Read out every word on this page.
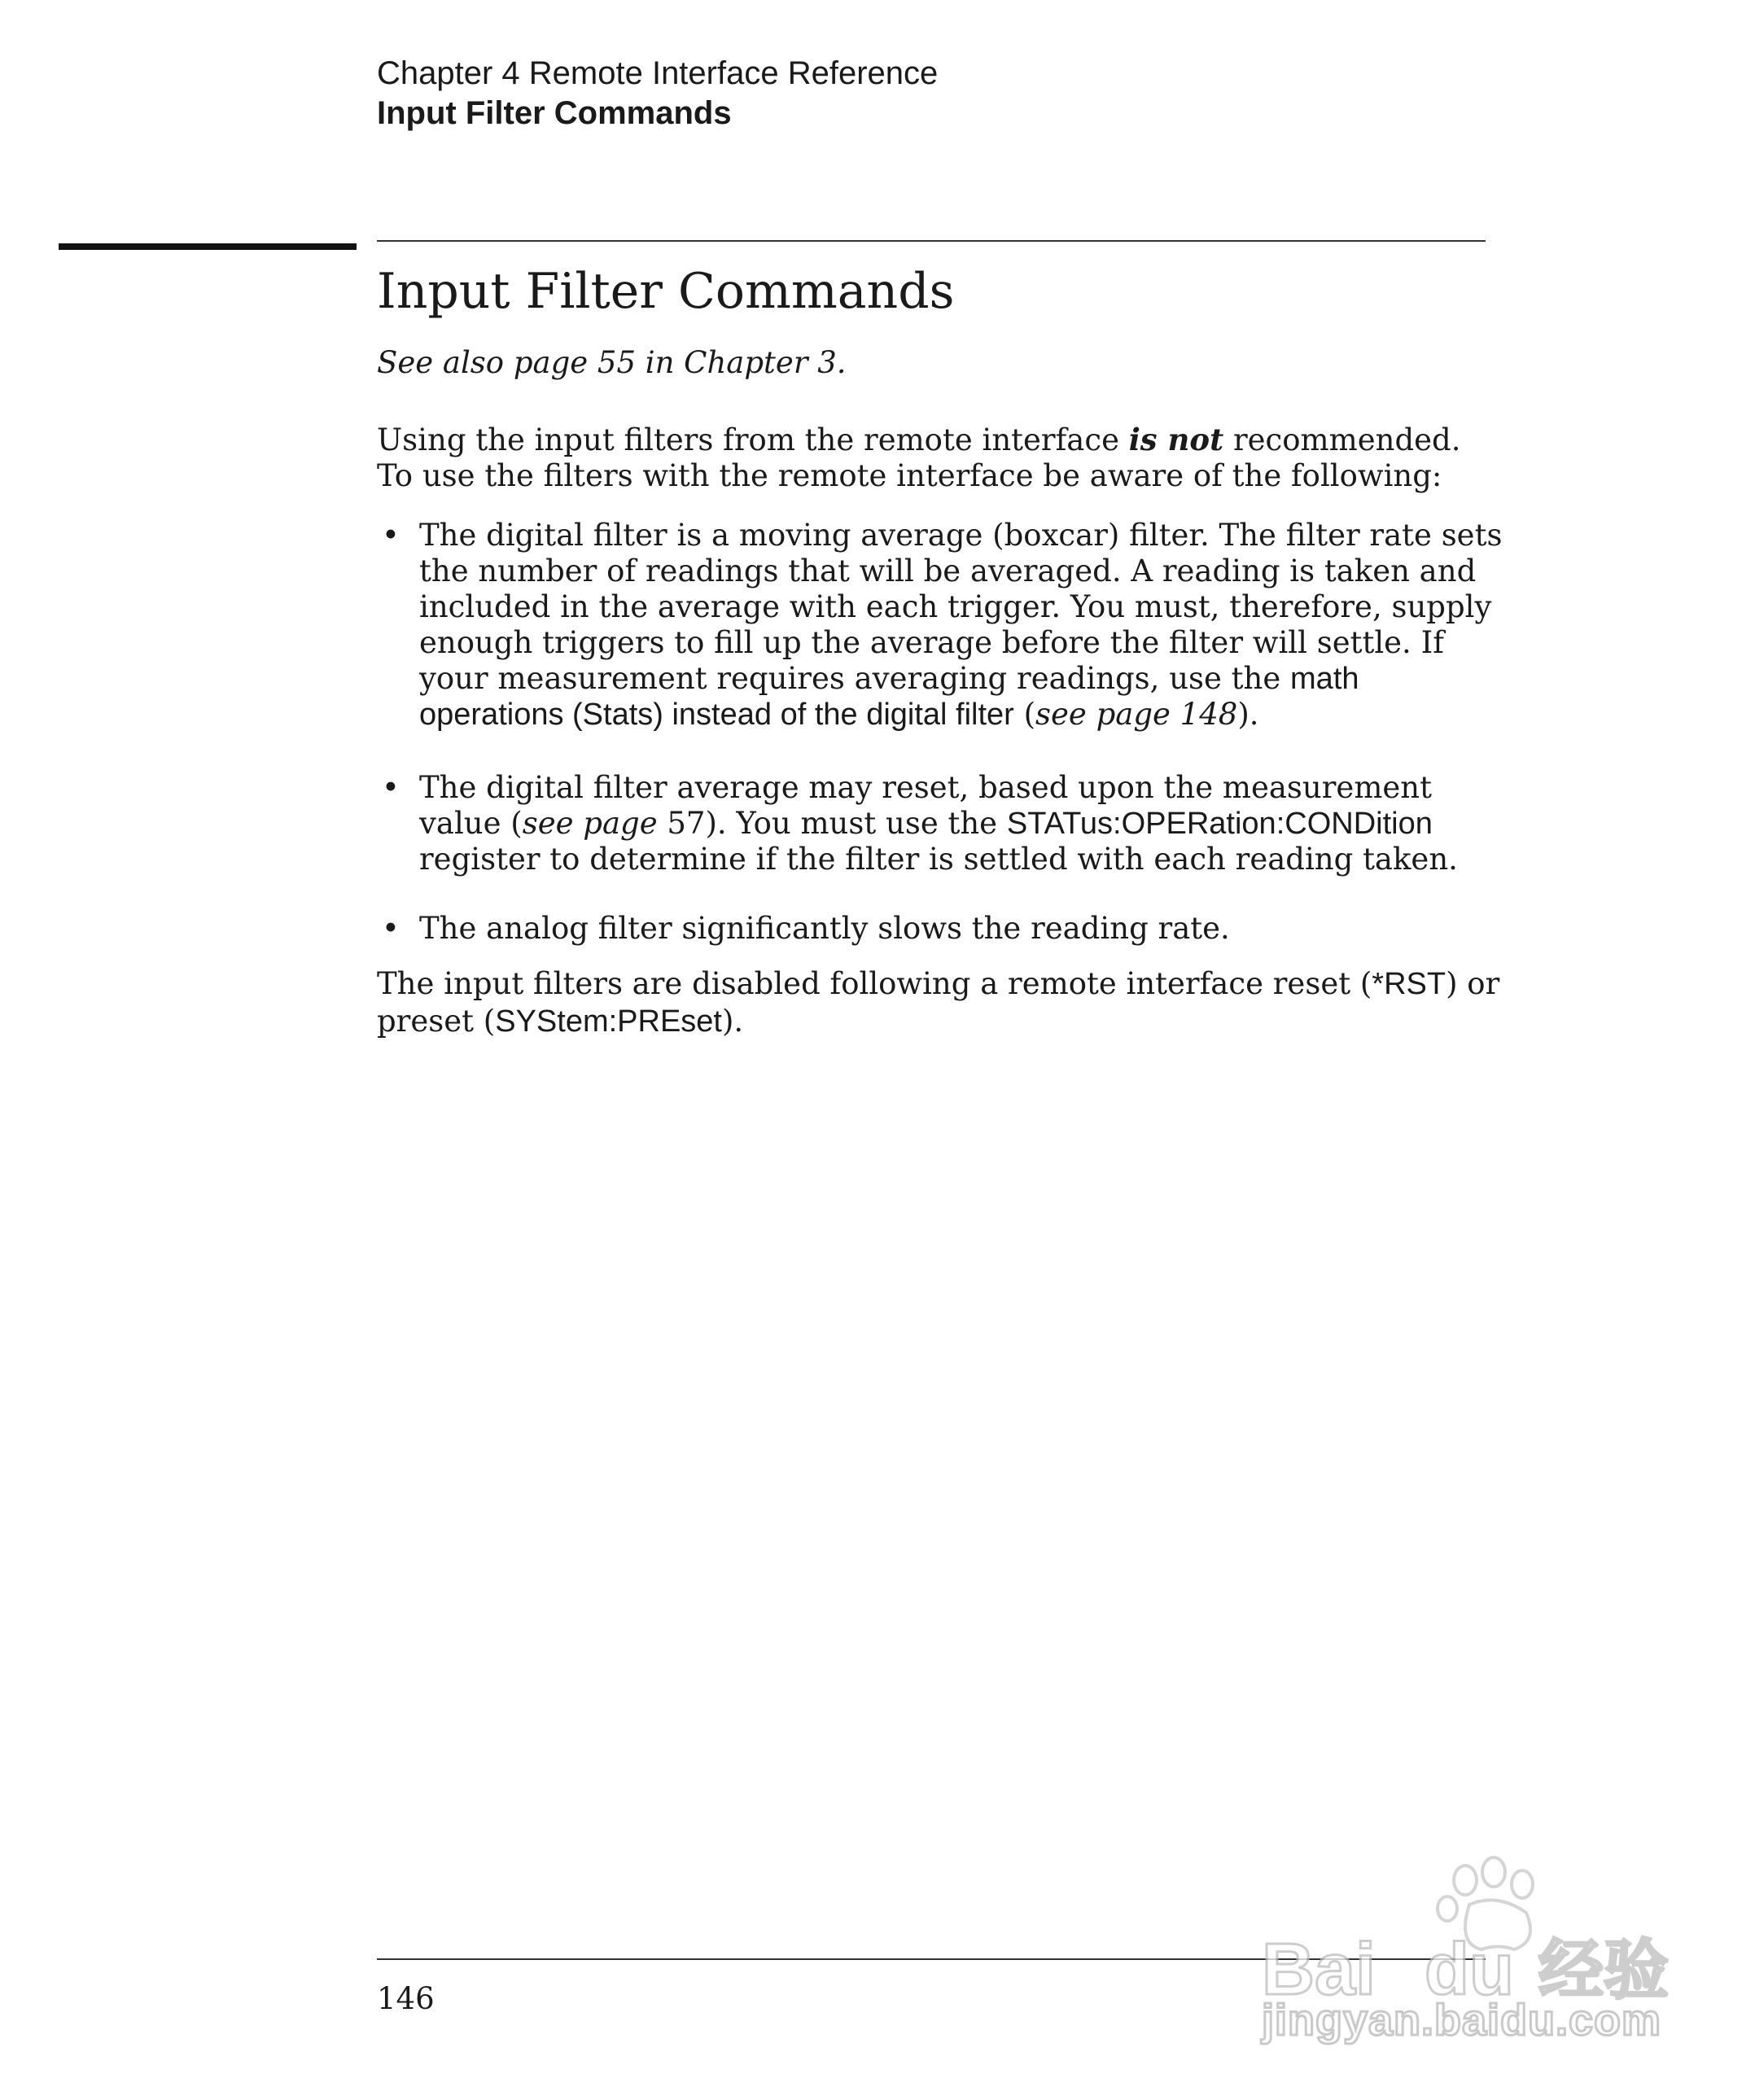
Chapter 4 Remote Interface Reference
Input Filter Commands
Input Filter Commands
See also page 55 in Chapter 3.

Using the input filters from the remote interface is not recommended. To use the filters with the remote interface be aware of the following:

• The digital filter is a moving average (boxcar) filter. The filter rate sets the number of readings that will be averaged. A reading is taken and included in the average with each trigger. You must, therefore, supply enough triggers to fill up the average before the filter will settle. If your measurement requires averaging readings, use the math operations (Stats) instead of the digital filter (see page 148).
• The digital filter average may reset, based upon the measurement value (see page 57). You must use the STATus:OPERation:CONDition register to determine if the filter is settled with each reading taken.
• The analog filter significantly slows the reading rate.

The input filters are disabled following a remote interface reset (*RST) or preset (SYStem:PREset).

146	Bai du 经验
jingyan.baidu.com
